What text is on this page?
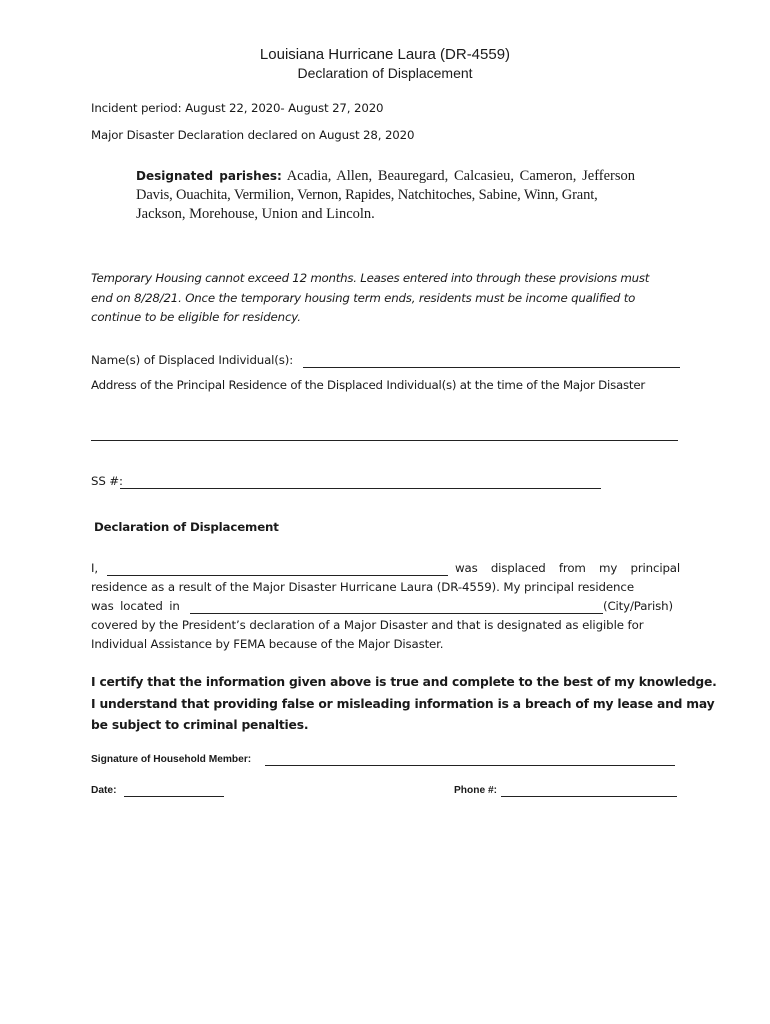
Louisiana Hurricane Laura (DR-4559)
Declaration of Displacement
Incident period: August 22, 2020- August 27, 2020
Major Disaster Declaration declared on August 28, 2020
Designated parishes: Acadia, Allen, Beauregard, Calcasieu, Cameron, Jefferson
Davis, Ouachita, Vermilion, Vernon, Rapides, Natchitoches, Sabine, Winn, Grant,
Jackson, Morehouse, Union and Lincoln.
Temporary Housing cannot exceed 12 months. Leases entered into through these provisions must
end on 8/28/21. Once the temporary housing term ends, residents must be income qualified to
continue to be eligible for residency.
Name(s) of Displaced Individual(s):
Address of the Principal Residence of the Displaced Individual(s) at the time of the Major Disaster
SS #:
Declaration of Displacement
I,	was displaced from my principal
residence as a result of the Major Disaster Hurricane Laura (DR-4559). My principal residence
was located in	(City/Parish)
covered by the President’s declaration of a Major Disaster and that is designated as eligible for
Individual Assistance by FEMA because of the Major Disaster.
I certify that the information given above is true and complete to the best of my knowledge.
I understand that providing false or misleading information is a breach of my lease and may
be subject to criminal penalties.
Signature of Household Member:
Date:	Phone #:
